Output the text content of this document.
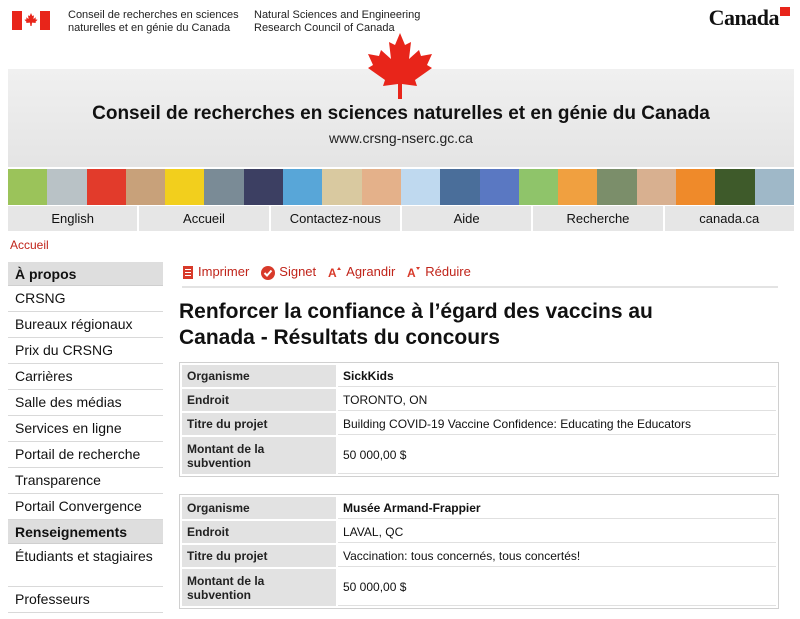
Conseil de recherches en sciences
naturelles et en génie du Canada
Natural Sciences and Engineering
Research Council of Canada	Canada
Conseil de recherches en sciences naturelles et en génie du Canada
www.crsng-nserc.gc.ca
English	Accueil	Contactez-nous	Aide	Recherche	canada.ca
Accueil
À propos
CRSNG
Bureaux régionaux
Prix du CRSNG
Carrières
Salle des médias
Services en ligne
Portail de recherche
Transparence
Portail Convergence
Renseignements
Étudiants et stagiaires
Professeurs
Imprimer Signet A Agrandir A Réduire
Renforcer la confiance à l’égard des vaccins au
Canada - Résultats du concours
Organisme	SickKids
Endroit	TORONTO, ON
Titre du projet	Building COVID-19 Vaccine Confidence: Educating the Educators

Montant de la
subvention	50 000,00 $
Organisme	Musée Armand-Frappier
Endroit	LAVAL, QC
Titre du projet	Vaccination: tous concernés, tous concertés!

Montant de la
subvention	50 000,00 $
